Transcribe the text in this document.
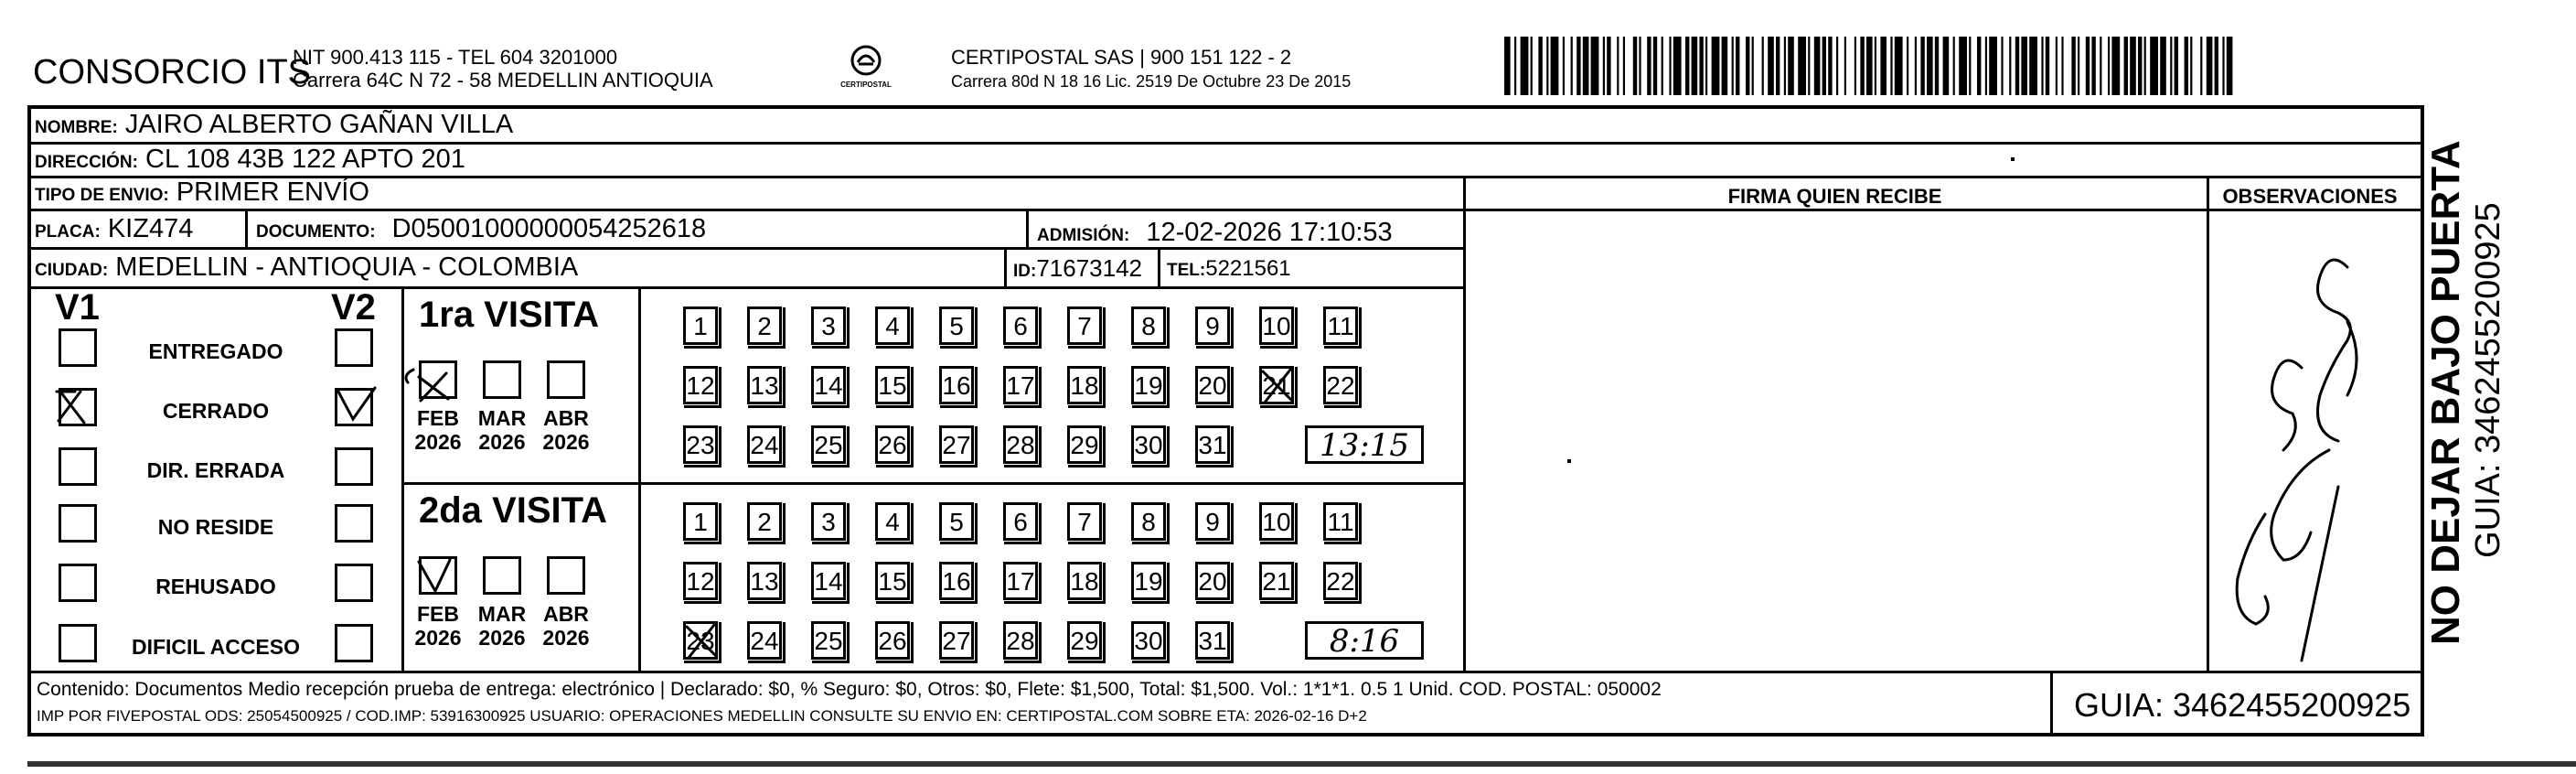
CONSORCIO ITS
NIT 900.413 115 - TEL 604 3201000
Carrera 64C N 72 - 58 MEDELLIN ANTIOQUIA	CERTIPOSTAL
CERTIPOSTAL SAS | 900 151 122 - 2
Carrera 80d N 18 16 Lic. 2519 De Octubre 23 De 2015
NOMBRE: JAIRO ALBERTO GAÑAN VILLA
DIRECCIÓN: CL 108 43B 122 APTO 201
TIPO DE ENVIO: PRIMER ENVÍO	FIRMA QUIEN RECIBE	OBSERVACIONES
PLACA: KIZ474	DOCUMENTO: D05001000000054252618	ADMISIÓN: 12-02-2026 17:10:53
CIUDAD: MEDELLIN - ANTIOQUIA - COLOMBIA	ID:71673142 TEL:5221561
V1	V2
ENTREGADO
CERRADO
DIR. ERRADA
NO RESIDE
REHUSADO
DIFICIL ACCESO
1ra VISITA
FEB
2026
MAR
2026
ABR
2026
1	2	3	4	5	6	7	8	9	10 11
12 13 14 15 16 17 18 19 20 21 22
23 24 25 26 27 28 29 30 31	13:15
2da VISITA
FEB
2026
MAR
2026
ABR
2026
1	2	3	4	5	6	7	8	9	10 11
12 13 14 15 16 17 18 19 20 21 22
23 24 25 26 27 28 29 30 31	8:16	NO DEJAR BAJO PUERTA GUIA: 3462455200925
Contenido: Documentos Medio recepción prueba de entrega: electrónico | Declarado: $0, % Seguro: $0, Otros: $0, Flete: $1,500, Total: $1,500. Vol.: 1*1*1. 0.5 1 Unid. COD. POSTAL: 050002
IMP POR FIVEPOSTAL ODS: 25054500925 / COD.IMP: 53916300925 USUARIO: OPERACIONES MEDELLIN CONSULTE SU ENVIO EN: CERTIPOSTAL.COM SOBRE ETA: 2026-02-16 D+2	GUIA: 3462455200925
